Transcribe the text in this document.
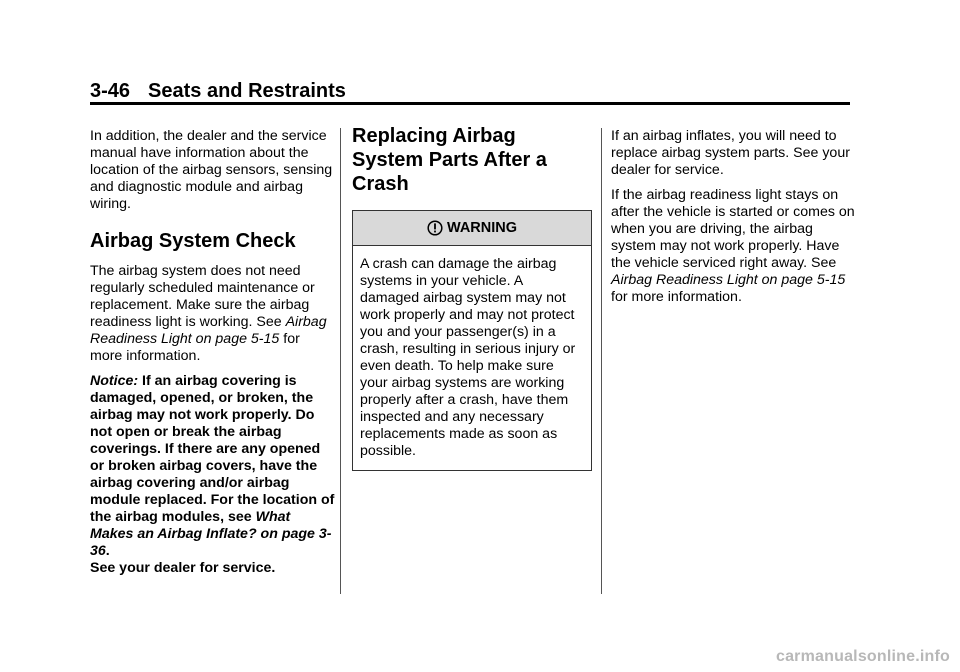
3-46 Seats and Restraints

In addition, the dealer and the service manual have information about the location of the airbag sensors, sensing and diagnostic module and airbag wiring.

Airbag System Check

The airbag system does not need regularly scheduled maintenance or replacement. Make sure the airbag readiness light is working. See Airbag Readiness Light on page 5-15 for more information.

Notice: If an airbag covering is damaged, opened, or broken, the airbag may not work properly. Do not open or break the airbag coverings. If there are any opened or broken airbag covers, have the airbag covering and/or airbag module replaced. For the location of the airbag modules, see What Makes an Airbag Inflate? on page 3-36.
See your dealer for service.

Replacing Airbag System Parts After a Crash
WARNING
A crash can damage the airbag systems in your vehicle. A damaged airbag system may not work properly and may not protect you and your passenger(s) in a crash, resulting in serious injury or even death. To help make sure your airbag systems are working properly after a crash, have them inspected and any necessary replacements made as soon as possible.

If an airbag inflates, you will need to replace airbag system parts. See your dealer for service.

If the airbag readiness light stays on after the vehicle is started or comes on when you are driving, the airbag system may not work properly. Have the vehicle serviced right away. See Airbag Readiness Light on page 5-15 for more information.

carmanualsonline.info
